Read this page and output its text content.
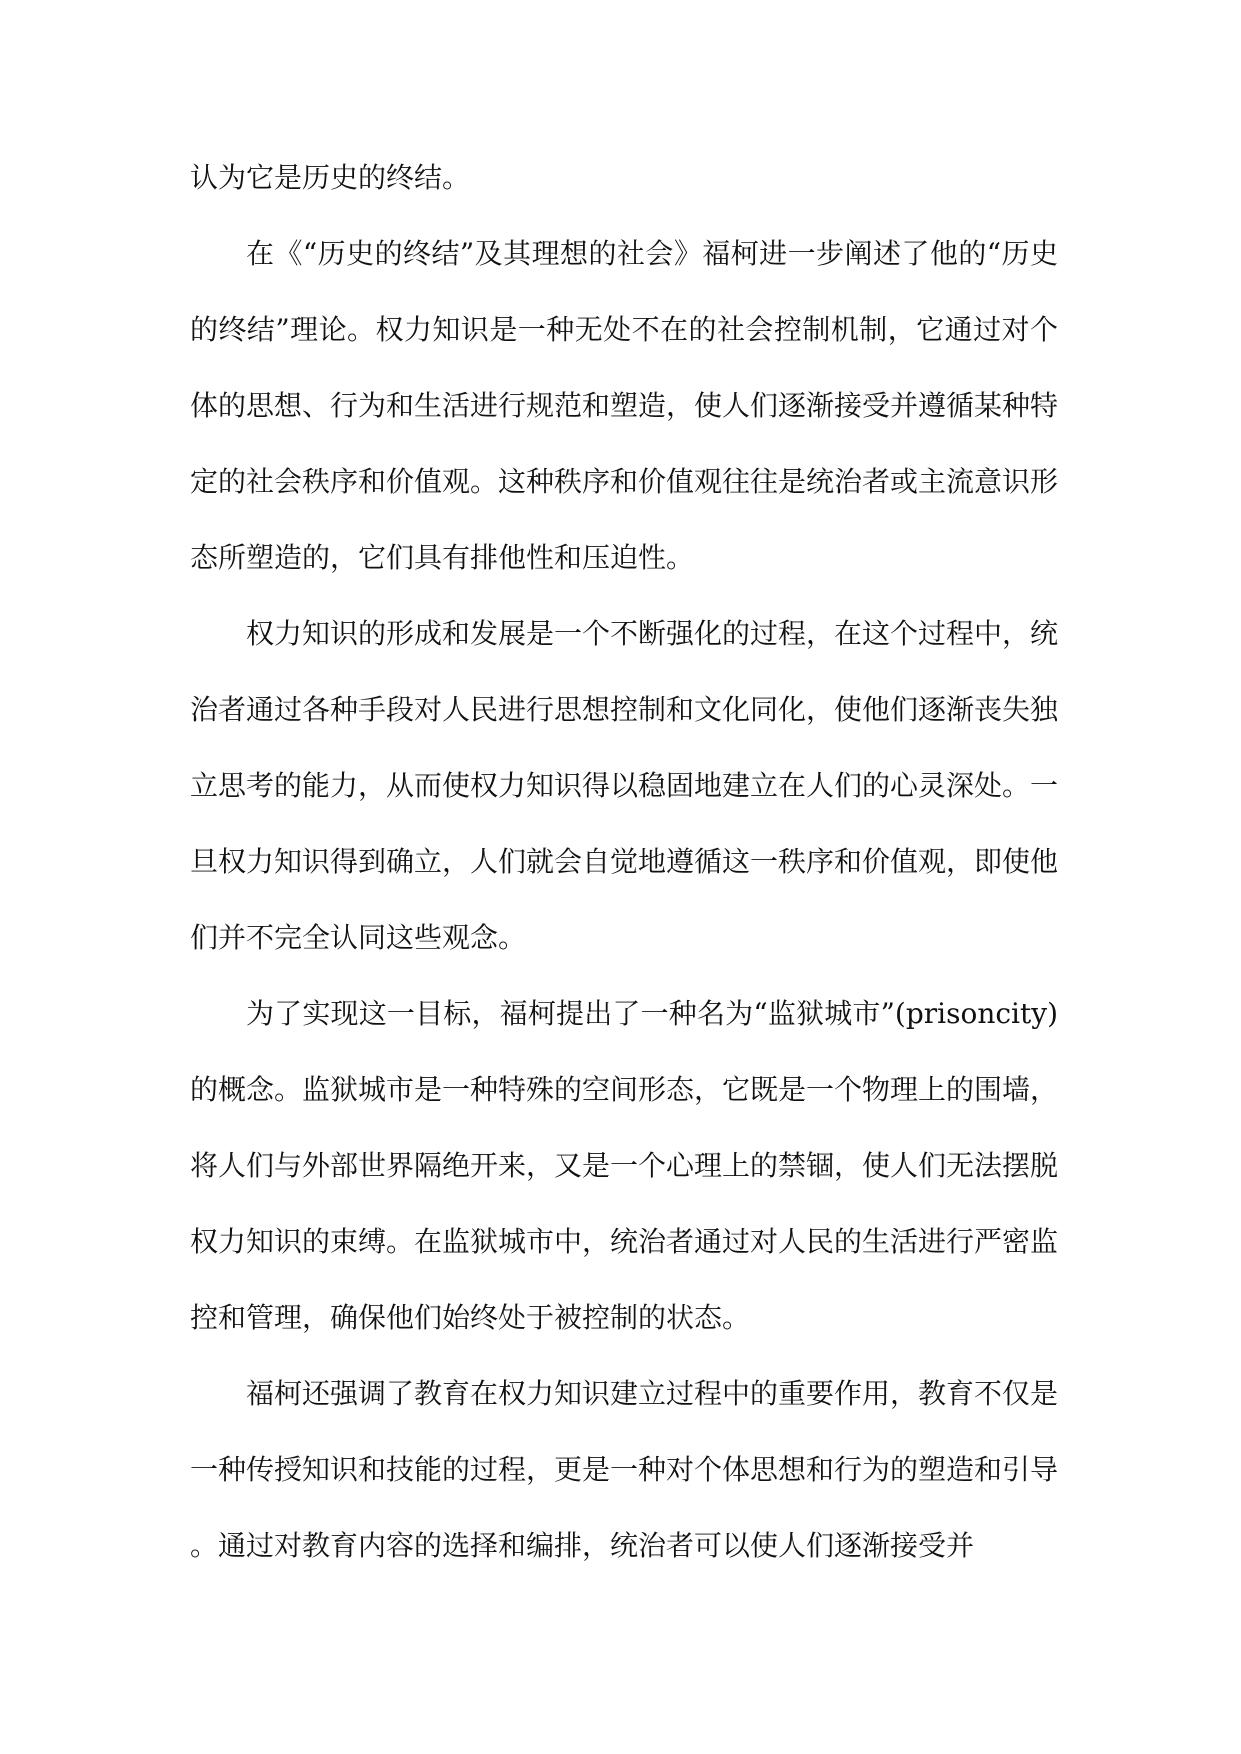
认为它是历史的终结。

在《“历史的终结”及其理想的社会》福柯进一步阐述了他的“历史的终结”理论。权力知识是一种无处不在的社会控制机制，它通过对个体的思想、行为和生活进行规范和塑造，使人们逐渐接受并遵循某种特定的社会秩序和价值观。这种秩序和价值观往往是统治者或主流意识形态所塑造的，它们具有排他性和压迫性。

权力知识的形成和发展是一个不断强化的过程，在这个过程中，统治者通过各种手段对人民进行思想控制和文化同化，使他们逐渐丧失独立思考的能力，从而使权力知识得以稳固地建立在人们的心灵深处。一旦权力知识得到确立，人们就会自觉地遵循这一秩序和价值观，即使他们并不完全认同这些观念。

为了实现这一目标，福柯提出了一种名为“监狱城市”(prisoncity)的概念。监狱城市是一种特殊的空间形态，它既是一个物理上的围墙，将人们与外部世界隔绝开来，又是一个心理上的禁锢，使人们无法摆脱权力知识的束缚。在监狱城市中，统治者通过对人民的生活进行严密监控和管理，确保他们始终处于被控制的状态。

福柯还强调了教育在权力知识建立过程中的重要作用，教育不仅是一种传授知识和技能的过程，更是一种对个体思想和行为的塑造和引导。通过对教育内容的选择和编排，统治者可以使人们逐渐接受并
